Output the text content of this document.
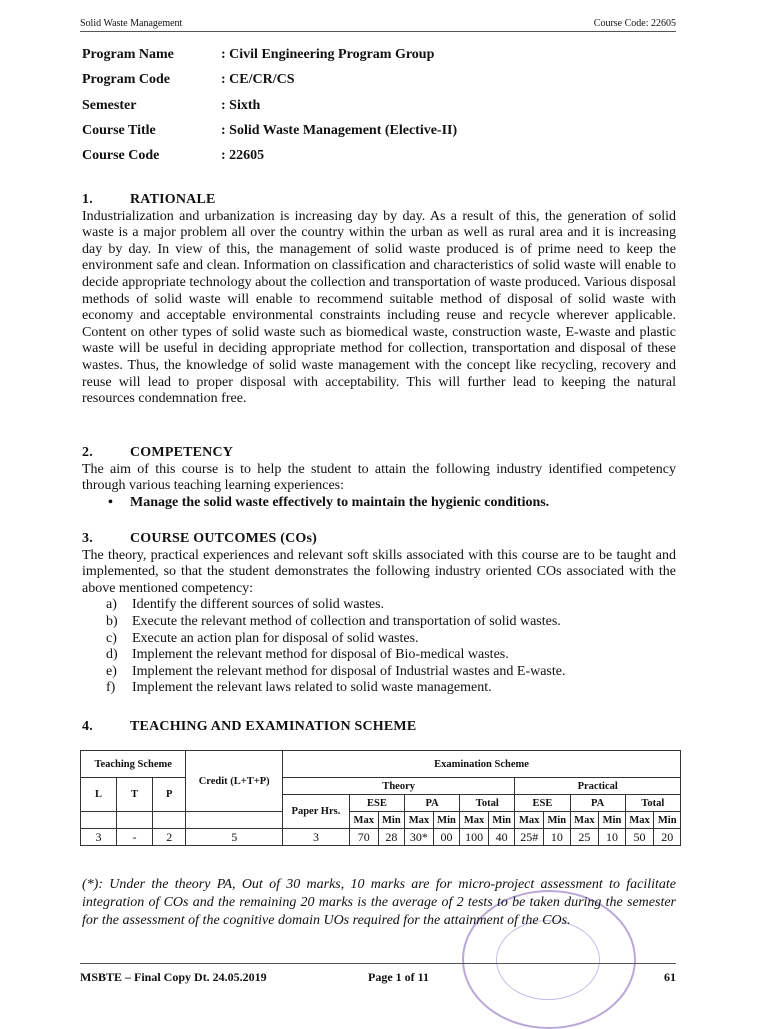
Solid Waste Management	Course Code: 22605
Program Name	: Civil Engineering Program Group
Program Code	: CE/CR/CS
Semester	: Sixth
Course Title	: Solid Waste Management (Elective-II)
Course Code	: 22605
1.	RATIONALE

Industrialization and urbanization is increasing day by day. As a result of this, the generation of solid waste is a major problem all over the country within the urban as well as rural area and it is increasing day by day. In view of this, the management of solid waste produced is of prime need to keep the environment safe and clean. Information on classification and characteristics of solid waste will enable to decide appropriate technology about the collection and transportation of waste produced. Various disposal methods of solid waste will enable to recommend suitable method of disposal of solid waste with economy and acceptable environmental constraints including reuse and recycle wherever applicable. Content on other types of solid waste such as biomedical waste, construction waste, E-waste and plastic waste will be useful in deciding appropriate method for collection, transportation and disposal of these wastes. Thus, the knowledge of solid waste management with the concept like recycling, recovery and reuse will lead to proper disposal with acceptability. This will further lead to keeping the natural resources condemnation free.

2.	COMPETENCY

The aim of this course is to help the student to attain the following industry identified competency through various teaching learning experiences:

•	Manage the solid waste effectively to maintain the hygienic conditions.
3.	COURSE OUTCOMES (COs)

The theory, practical experiences and relevant soft skills associated with this course are to be taught and implemented, so that the student demonstrates the following industry oriented COs associated with the above mentioned competency:

a)	Identify the different sources of solid wastes.
b)	Execute the relevant method of collection and transportation of solid wastes.
c)	Execute an action plan for disposal of solid wastes.
d)	Implement the relevant method for disposal of Bio-medical wastes.
e)	Implement the relevant method for disposal of Industrial wastes and E-waste.
f)	Implement the relevant laws related to solid waste management.
4.	TEACHING AND EXAMINATION SCHEME
Teaching Scheme			Credit (L+T+P)	Examination Scheme												
L	T	P		Theory							Practical					
				Paper Hrs.	ESE		PA		Total		ESE		PA		Total	
					Max	Min	Max	Min	Max	Min	Max	Min	Max	Min	Max	Min
3	-	2	5	3	70	28	30*	00	100	40	25#	10	25	10	50	20

(*): Under the theory PA, Out of 30 marks, 10 marks are for micro-project assessment to facilitate integration of COs and the remaining 20 marks is the average of 2 tests to be taken during the semester for the assessment of the cognitive domain UOs required for the attainment of the COs.

MSBTE – Final Copy Dt. 24.05.2019	Page 1 of 11	61
